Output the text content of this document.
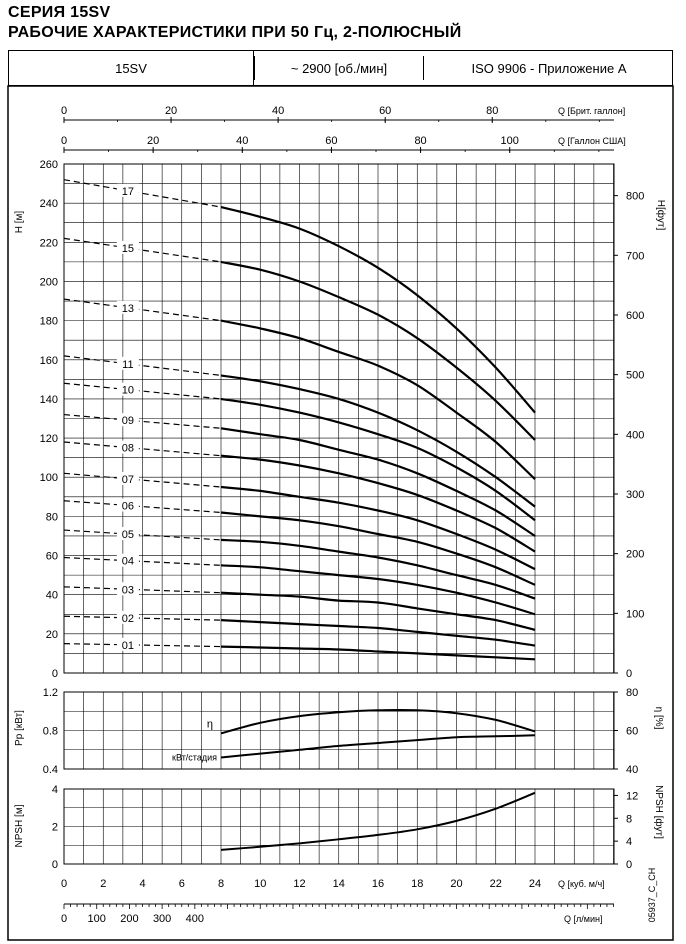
СЕРИЯ 15SV
РАБОЧИЕ ХАРАКТЕРИСТИКИ ПРИ 50 Гц, 2-ПОЛЮСНЫЙ
15SV	~ 2900 [об./мин]	ISO 9906 - Приложение A
0	20	40	60	80	Q [Брит. галлон]
0	20	40	60	80	100	Q [Галлон США]
0
20
40
60
80
100
120
140
160
180
200
220
240
260
H [м]
0
100
200
300
400
500
600
700
800
H[фут]
17
15
13
11
10
09
08
07
06
05
04
03
02
01
0.4
0.8
1.2
40
60
80
Pp [кВт]	η [%]
η
кВт/стадия
0
2
4
0
4
8
12
NPSH [м]	NPSH [фут]
0	2	4	6	8	10 12 14 16 18 20 22 24 Q [куб. м/ч]
0 100 200 300 400	Q [л/мин]	05937_C_CH
